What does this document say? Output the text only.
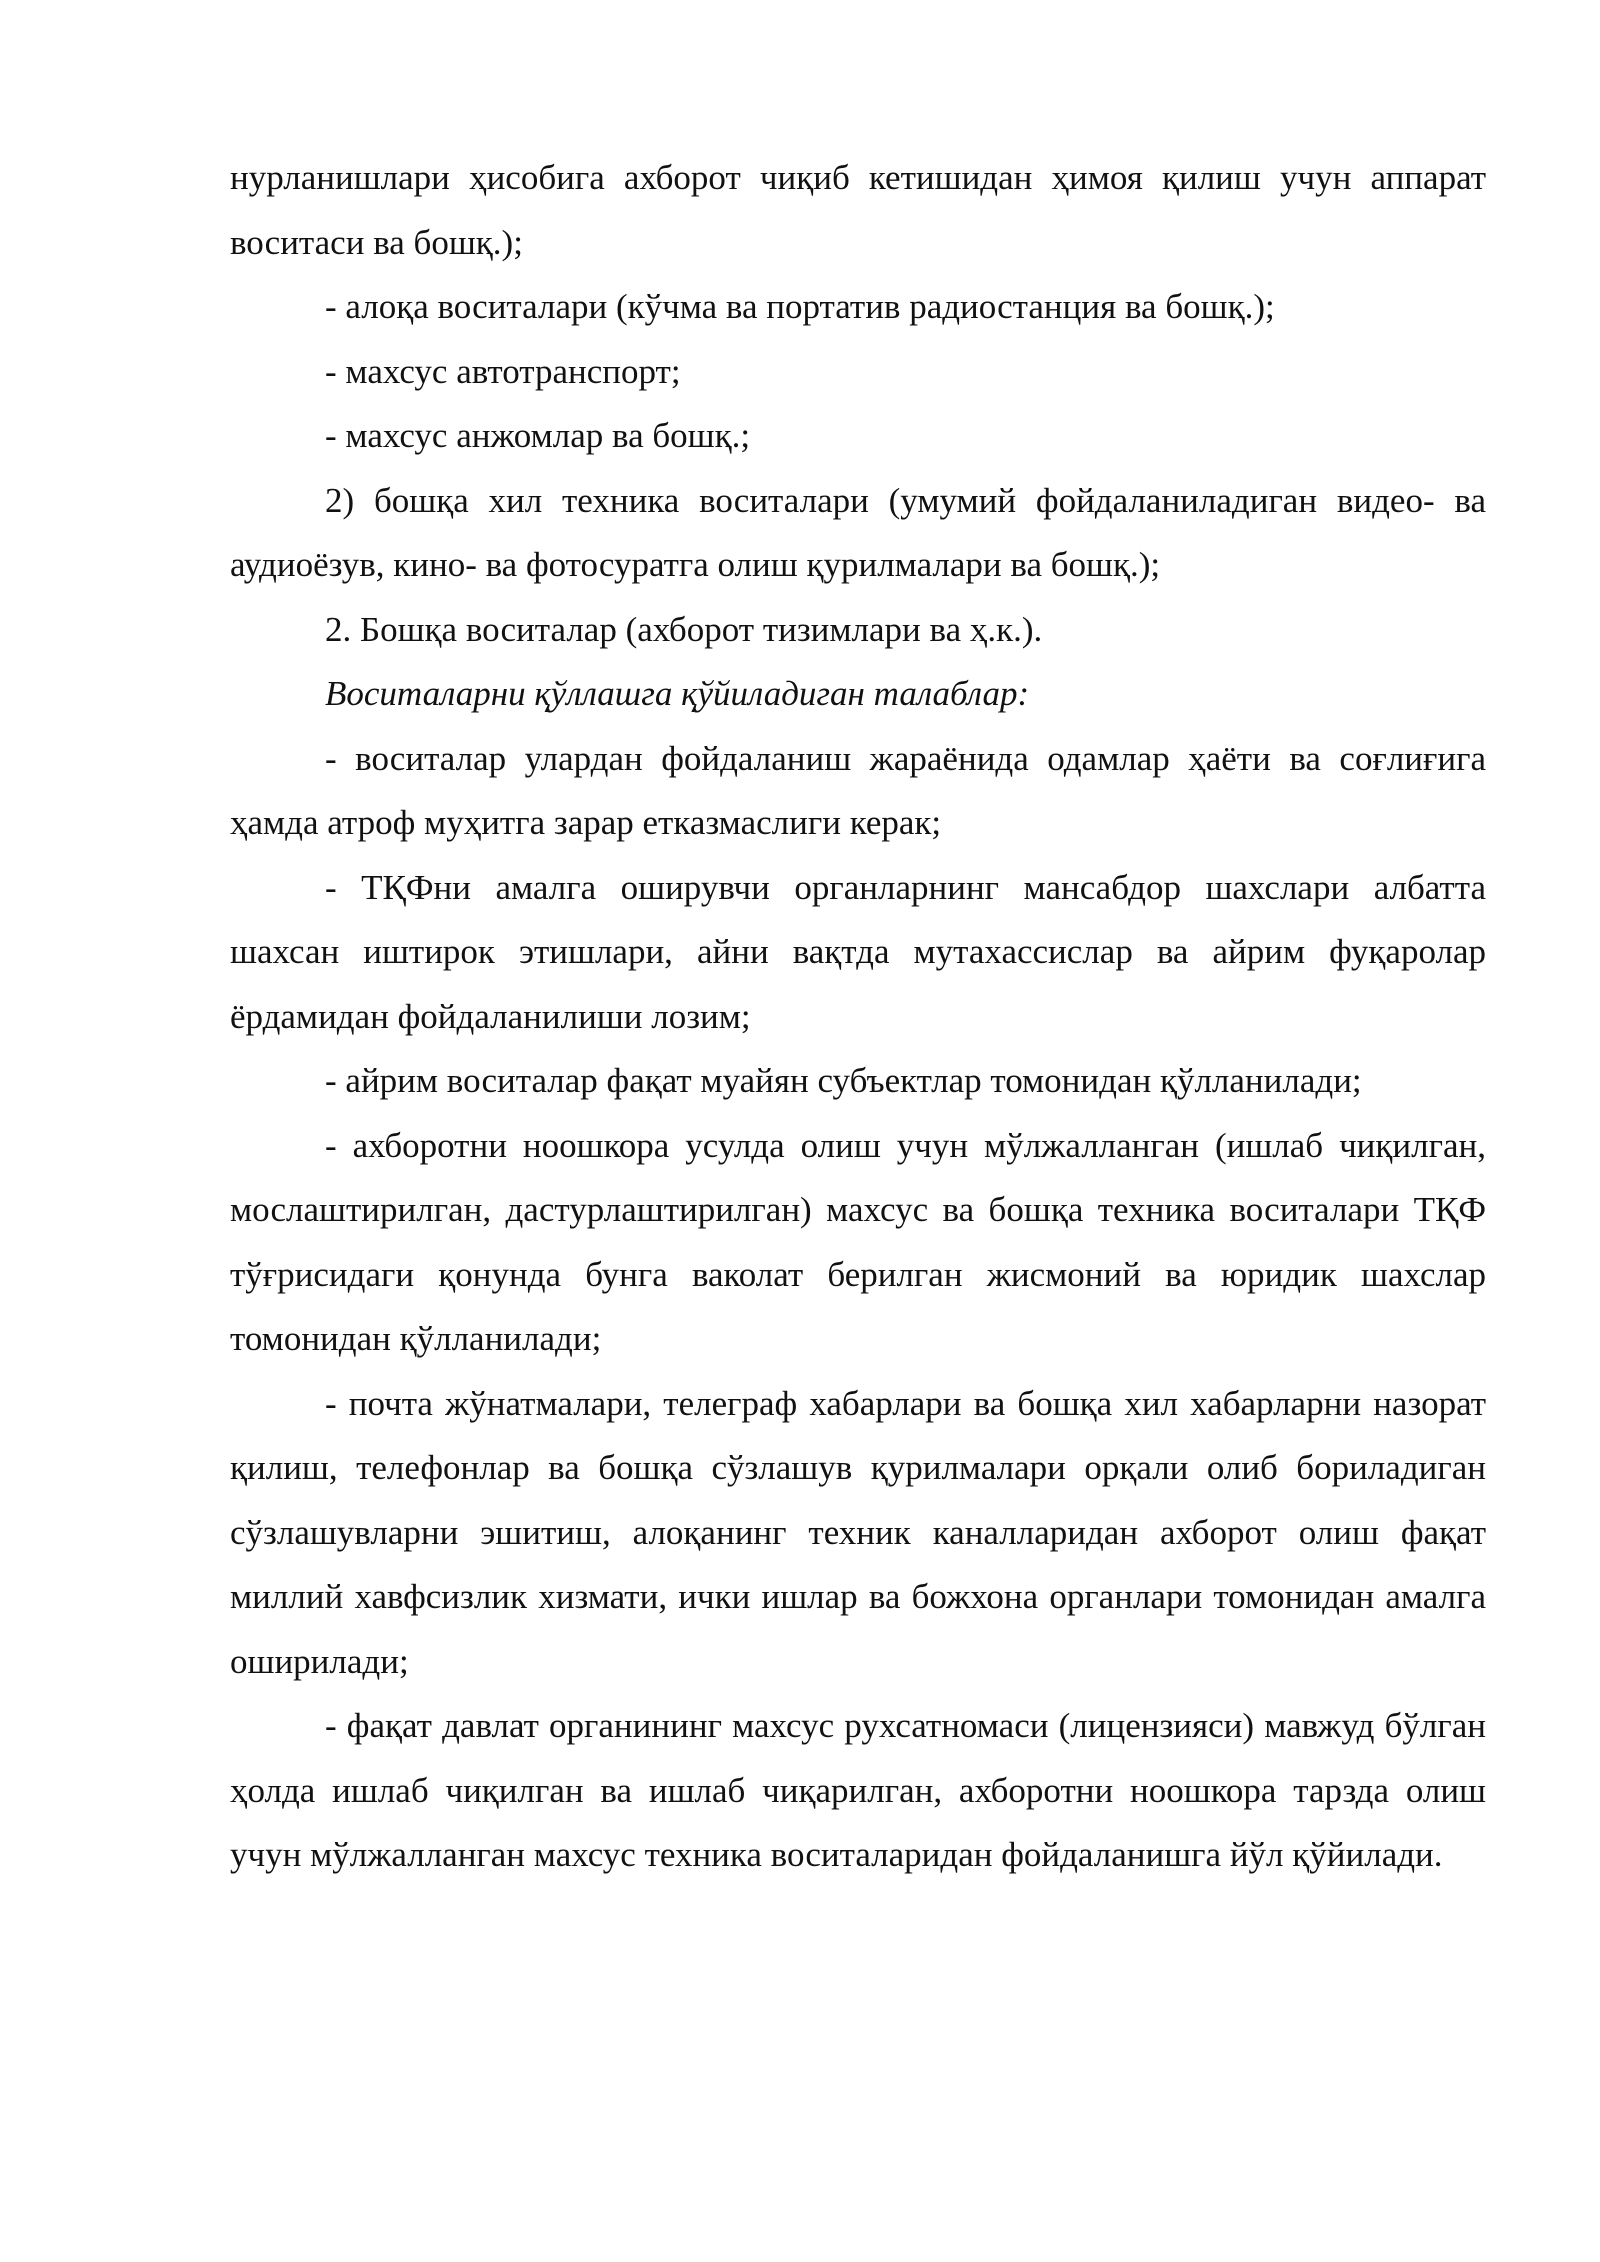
нурланишлари ҳисобига ахборот чиқиб кетишидан ҳимоя қилиш учун аппарат воситаси ва бошқ.);

- алоқа воситалари (кўчма ва портатив радиостанция ва бошқ.);

- махсус автотранспорт;

- махсус анжомлар ва бошқ.;

2) бошқа хил техника воситалари (умумий фойдаланиладиган видео- ва аудиоёзув, кино- ва фотосуратга олиш қурилмалари ва бошқ.);

2. Бошқа воситалар (ахборот тизимлари ва ҳ.к.).

Воситаларни қўллашга қўйиладиган талаблар:

- воситалар улардан фойдаланиш жараёнида одамлар ҳаёти ва соғлиғига ҳамда атроф муҳитга зарар етказмаслиги керак;

- ТҚФни амалга оширувчи органларнинг мансабдор шахслари албатта шахсан иштирок этишлари, айни вақтда мутахассислар ва айрим фуқаролар ёрдамидан фойдаланилиши лозим;

- айрим воситалар фақат муайян субъектлар томонидан қўлланилади;

- ахборотни ноошкора усулда олиш учун мўлжалланган (ишлаб чиқилган, мослаштирилган, дастурлаштирилган) махсус ва бошқа техника воситалари ТҚФ тўғрисидаги қонунда бунга ваколат берилган жисмоний ва юридик шахслар томонидан қўлланилади;

- почта жўнатмалари, телеграф хабарлари ва бошқа хил хабарларни назорат қилиш, телефонлар ва бошқа сўзлашув қурилмалари орқали олиб бориладиган сўзлашувларни эшитиш, алоқанинг техник каналларидан ахборот олиш фақат миллий хавфсизлик хизмати, ички ишлар ва божхона органлари томонидан амалга оширилади;

- фақат давлат органининг махсус рухсатномаси (лицензияси) мавжуд бўлган ҳолда ишлаб чиқилган ва ишлаб чиқарилган, ахборотни ноошкора тарзда олиш учун мўлжалланган махсус техника воситаларидан фойдаланишга йўл қўйилади.
